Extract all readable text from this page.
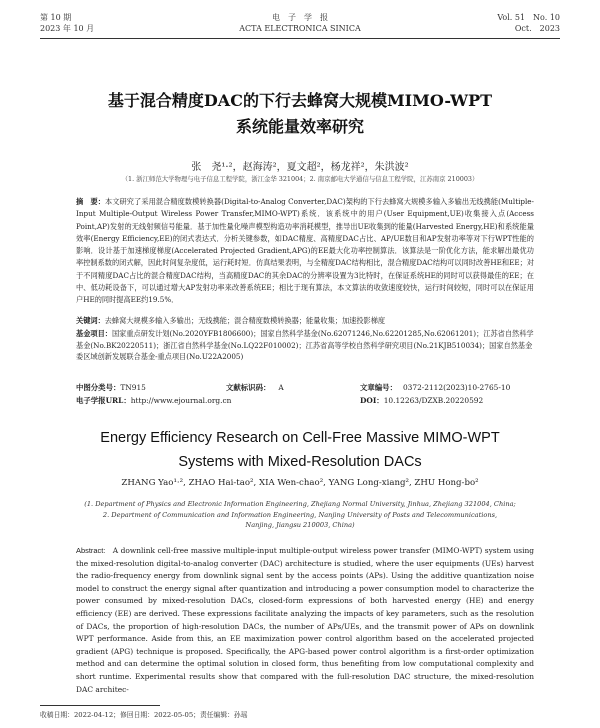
第 10 期
2023 年 10 月
电　子　学　报
ACTA ELECTRONICA SINICA
Vol. 51　No. 10
Oct.　2023
基于混合精度DAC的下行去蜂窝大规模MIMO-WPT
系统能量效率研究
张　尧¹·²，赵海涛²，夏文超²，杨龙祥²，朱洪波²
（1. 浙江师范大学物理与电子信息工程学院，浙江金华 321004；2. 南京邮电大学通信与信息工程学院，江苏南京 210003）

摘　要：本文研究了采用混合精度数模转换器(Digital-to-Analog Converter,DAC)架构的下行去蜂窝大规模多输入多输出无线携能(Multiple-Input Multiple-Output Wireless Power Transfer,MIMO-WPT)系统．该系统中的用户(User Equipment,UE)收集接入点(Access Point,AP)发射的无线射频信号能量．基于加性量化噪声模型构造功率消耗模型，推导出UE收集到的能量(Harvested Energy,HE)和系统能量效率(Energy Efficiency,EE)的闭式表达式．分析关键参数，如DAC精度、高精度DAC占比、AP/UE数目和AP发射功率等对下行WPT性能的影响．设计基于加速梯度梯度(Accelerated Projected Gradient,APG)的EE最大化功率控制算法．该算法是一阶优化方法，能求解出最优功率控制系数的闭式解，因此时间复杂度低，运行耗时短．仿真结果表明，与全精度DAC结构相比，混合精度DAC结构可以同时改善HE和EE；对于不同精度DAC占比的混合精度DAC结构，当高精度DAC的其余DAC的分辨率设置为3比特时，在保证系统HE的同时可以获得最佳的EE；在中、低功耗设备下，可以通过增大AP发射功率来改善系统EE；相比于现有算法，本文算法的收敛速度较快，运行时间较短，同时可以在保证用户HE的同时提高EE约19.5%．

关键词：去蜂窝大规模多输入多输出；无线携能；混合精度数模转换器；能量收集；加速投影梯度

基金项目：国家重点研发计划(No.2020YFB1806600)；国家自然科学基金(No.62071246,No.62201285,No.62061201)；江苏省自然科学基金(No.BK20220511)；浙江省自然科学基金(No.LQ22F010002)；江苏省高等学校自然科学研究项目(No.21KJB510034)；国家自然基金委区域创新发展联合基金-重点项目(No.U22A2005)

中图分类号：TN915	文献标识码： A	文章编号： 0372-2112(2023)10-2765-10
电子学报URL：http://www.ejournal.org.cn	DOI：10.12263/DZXB.20220592
Energy Efficiency Research on Cell-Free Massive MIMO-WPT
Systems with Mixed-Resolution DACs
ZHANG Yao¹·², ZHAO Hai-tao², XIA Wen-chao², YANG Long-xiang², ZHU Hong-bo²
(1. Department of Physics and Electronic Information Engineering, Zhejiang Normal University, Jinhua, Zhejiang 321004, China;
2. Department of Communication and Information Engineering, Nanjing University of Posts and Telecommunications,
Nanjing, Jiangsu 210003, China)

Abstract:  A downlink cell-free massive multiple-input multiple-output wireless power transfer (MIMO-WPT) system using the mixed-resolution digital-to-analog converter (DAC) architecture is studied, where the user equipments (UEs) harvest the radio-frequency energy from downlink signal sent by the access points (APs). Using the additive quantization noise model to construct the energy signal after quantization and introducing a power consumption model to characterize the power consumed by mixed-resolution DACs, closed-form expressions of both harvested energy (HE) and energy efficiency (EE) are derived. These expressions facilitate analyzing the impacts of key parameters, such as the resolution of DACs, the proportion of high-resolution DACs, the number of APs/UEs, and the transmit power of APs on downlink WPT performance. Aside from this, an EE maximization power control algorithm based on the accelerated projected gradient (APG) technique is proposed. Specifically, the APG-based power control algorithm is a first-order optimization method and can determine the optimal solution in closed form, thus benefiting from low computational complexity and short runtime. Experimental results show that compared with the full-resolution DAC structure, the mixed-resolution DAC architec-

收稿日期：2022-04-12；修回日期：2022-05-05；责任编辑：孙瑶
